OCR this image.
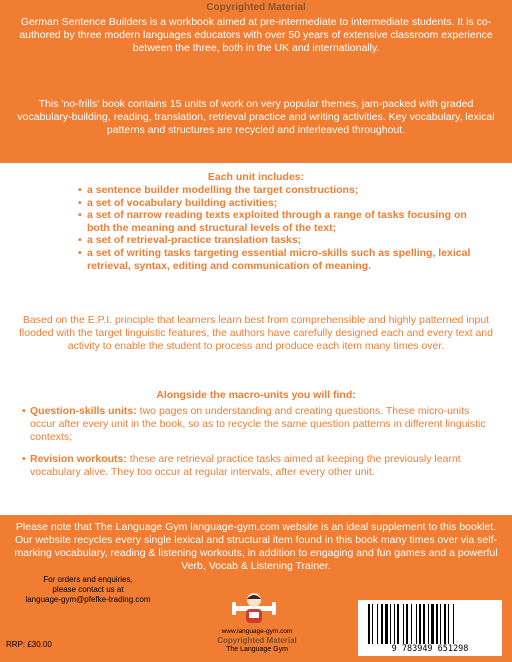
Copyrighted Material

German Sentence Builders is a workbook aimed at pre-intermediate to intermediate students. It is co-authored by three modern languages educators with over 50 years of extensive classroom experience between the three, both in the UK and internationally.

This 'no-frills' book contains 15 units of work on very popular themes, jam-packed with graded vocabulary-building, reading, translation, retrieval practice and writing activities. Key vocabulary, lexical patterns and structures are recycled and interleaved throughout.

Each unit includes:
• a sentence builder modelling the target constructions;
• a set of vocabulary building activities;
• a set of narrow reading texts exploited through a range of tasks focusing on both the meaning and structural levels of the text;
• a set of retrieval-practice translation tasks;
• a set of writing tasks targeting essential micro-skills such as spelling, lexical retrieval, syntax, editing and communication of meaning.

Based on the E.P.I. principle that learners learn best from comprehensible and highly patterned input flooded with the target linguistic features, the authors have carefully designed each and every text and activity to enable the student to process and produce each item many times over.

Alongside the macro-units you will find:
• Question-skills units: two pages on understanding and creating questions. These micro-units occur after every unit in the book, so as to recycle the same question patterns in different linguistic contexts;
• Revision workouts: these are retrieval practice tasks aimed at keeping the previously learnt vocabulary alive. They too occur at regular intervals, after every other unit.

Please note that The Language Gym language-gym.com website is an ideal supplement to this booklet. Our website recycles every single lexical and structural item found in this book many times over via self-marking vocabulary, reading & listening workouts, in addition to engaging and fun games and a powerful Verb, Vocab & Listening Trainer.

For orders and enquiries,
please contact us at
language-gym@pfefke-trading.com
RRP: £30.00
www.language-gym.com
Copyrighted Material
The Language Gym	9 783949 651298
